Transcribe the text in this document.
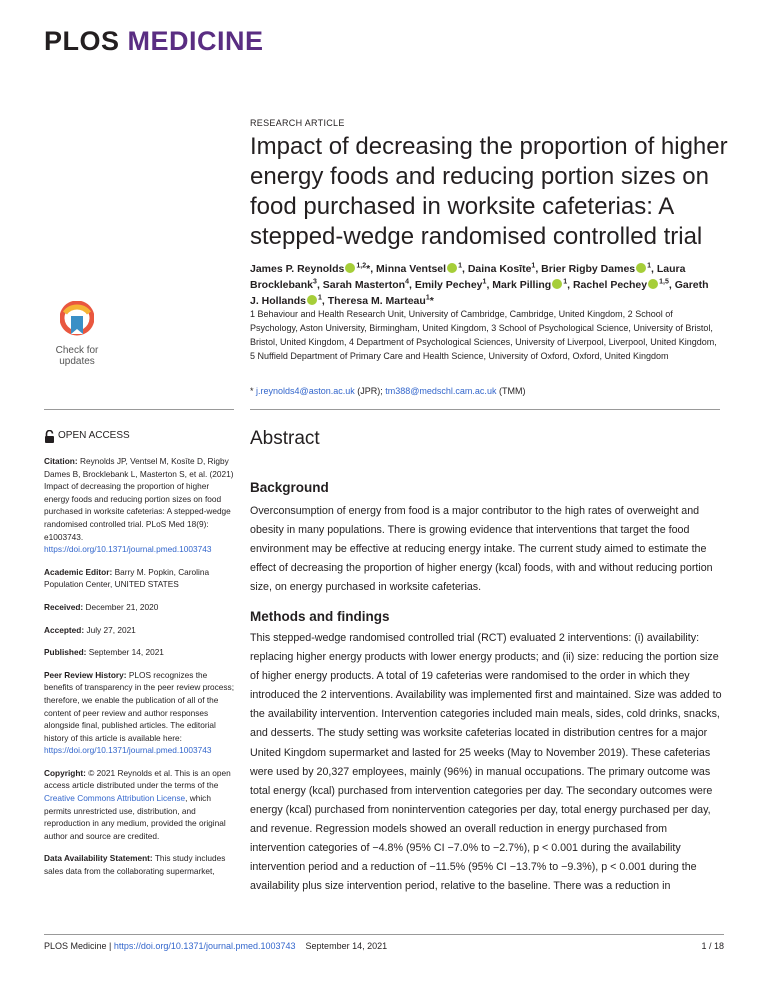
PLOS MEDICINE
RESEARCH ARTICLE
Impact of decreasing the proportion of higher energy foods and reducing portion sizes on food purchased in worksite cafeterias: A stepped-wedge randomised controlled trial
James P. Reynolds $^{1,2}$*, Minna Ventsel $^1$, Daina Kosīte$^1$, Brier Rigby Dames $^1$, Laura Brocklebank$^3$, Sarah Masterton$^4$, Emily Pechey$^1$, Mark Pilling $^1$, Rachel Pechey $^{1,5}$, Gareth J. Hollands $^1$, Theresa M. Marteau$^1$*
1 Behaviour and Health Research Unit, University of Cambridge, Cambridge, United Kingdom, 2 School of Psychology, Aston University, Birmingham, United Kingdom, 3 School of Psychological Science, University of Bristol, Bristol, United Kingdom, 4 Department of Psychological Sciences, University of Liverpool, Liverpool, United Kingdom, 5 Nuffield Department of Primary Care and Health Science, University of Oxford, Oxford, United Kingdom
* j.reynolds4@aston.ac.uk (JPR); tm388@medschl.cam.ac.uk (TMM)
Check for
updates

OPEN ACCESS

Citation: Reynolds JP, Ventsel M, Kosīte D, Rigby Dames B, Brocklebank L, Masterton S, et al. (2021) Impact of decreasing the proportion of higher energy foods and reducing portion sizes on food purchased in worksite cafeterias: A stepped-wedge randomised controlled trial. PLoS Med 18(9): e1003743. https://doi.org/10.1371/journal.pmed.1003743

Academic Editor: Barry M. Popkin, Carolina Population Center, UNITED STATES

Received: December 21, 2020

Accepted: July 27, 2021

Published: September 14, 2021

Peer Review History: PLOS recognizes the benefits of transparency in the peer review process; therefore, we enable the publication of all of the content of peer review and author responses alongside final, published articles. The editorial history of this article is available here: https://doi.org/10.1371/journal.pmed.1003743

Copyright: © 2021 Reynolds et al. This is an open access article distributed under the terms of the Creative Commons Attribution License, which permits unrestricted use, distribution, and reproduction in any medium, provided the original author and source are credited.

Data Availability Statement: This study includes sales data from the collaborating supermarket,

Abstract
Background

Overconsumption of energy from food is a major contributor to the high rates of overweight and obesity in many populations. There is growing evidence that interventions that target the food environment may be effective at reducing energy intake. The current study aimed to estimate the effect of decreasing the proportion of higher energy (kcal) foods, with and without reducing portion size, on energy purchased in worksite cafeterias.

Methods and findings

This stepped-wedge randomised controlled trial (RCT) evaluated 2 interventions: (i) availability: replacing higher energy products with lower energy products; and (ii) size: reducing the portion size of higher energy products. A total of 19 cafeterias were randomised to the order in which they introduced the 2 interventions. Availability was implemented first and maintained. Size was added to the availability intervention. Intervention categories included main meals, sides, cold drinks, snacks, and desserts. The study setting was worksite cafeterias located in distribution centres for a major United Kingdom supermarket and lasted for 25 weeks (May to November 2019). These cafeterias were used by 20,327 employees, mainly (96%) in manual occupations. The primary outcome was total energy (kcal) purchased from intervention categories per day. The secondary outcomes were energy (kcal) purchased from nonintervention categories per day, total energy purchased per day, and revenue. Regression models showed an overall reduction in energy purchased from intervention categories of −4.8% (95% CI −7.0% to −2.7%), p < 0.001 during the availability intervention period and a reduction of −11.5% (95% CI −13.7% to −9.3%), p < 0.001 during the availability plus size intervention period, relative to the baseline. There was a reduction in

PLOS Medicine | https://doi.org/10.1371/journal.pmed.1003743 September 14, 2021	1 / 18
